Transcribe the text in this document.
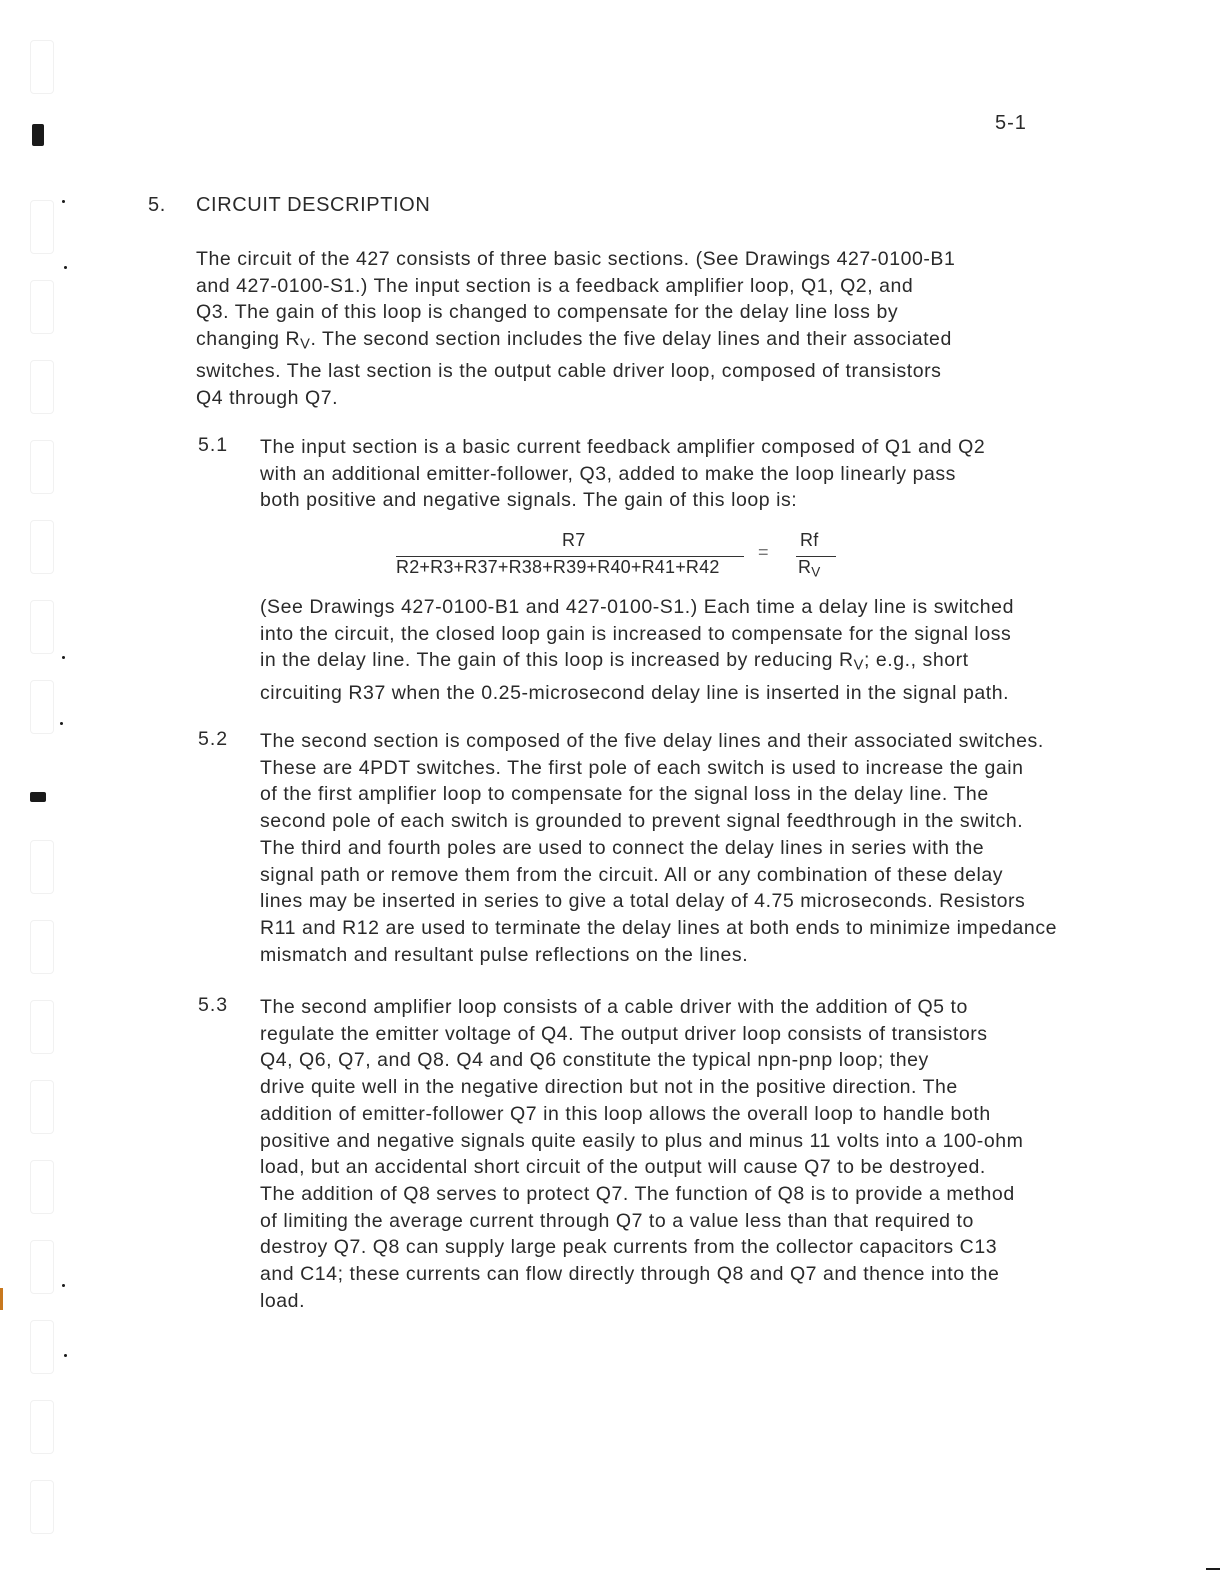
5-1
5. CIRCUIT DESCRIPTION
The circuit of the 427 consists of three basic sections. (See Drawings 427-0100-B1
and 427-0100-S1.) The input section is a feedback amplifier loop, Q1, Q2, and
Q3. The gain of this loop is changed to compensate for the delay line loss by
changing $R_V$. The second section includes the five delay lines and their associated
switches. The last section is the output cable driver loop, composed of transistors
Q4 through Q7.
5.1 The input section is a basic current feedback amplifier composed of Q1 and Q2
with an additional emitter-follower, Q3, added to make the loop linearly pass
both positive and negative signals. The gain of this loop is:
R7
R2+R3+R37+R38+R39+R40+R41+R42
=
Rf
$R_V$
(See Drawings 427-0100-B1 and 427-0100-S1.) Each time a delay line is switched
into the circuit, the closed loop gain is increased to compensate for the signal loss
in the delay line. The gain of this loop is increased by reducing $R_V$; e.g., short
circuiting R37 when the 0.25-microsecond delay line is inserted in the signal path.
5.2 The second section is composed of the five delay lines and their associated switches.
These are 4PDT switches. The first pole of each switch is used to increase the gain
of the first amplifier loop to compensate for the signal loss in the delay line. The
second pole of each switch is grounded to prevent signal feedthrough in the switch.
The third and fourth poles are used to connect the delay lines in series with the
signal path or remove them from the circuit. All or any combination of these delay
lines may be inserted in series to give a total delay of 4.75 microseconds. Resistors
R11 and R12 are used to terminate the delay lines at both ends to minimize impedance
mismatch and resultant pulse reflections on the lines.
5.3 The second amplifier loop consists of a cable driver with the addition of Q5 to
regulate the emitter voltage of Q4. The output driver loop consists of transistors
Q4, Q6, Q7, and Q8. Q4 and Q6 constitute the typical npn-pnp loop; they
drive quite well in the negative direction but not in the positive direction. The
addition of emitter-follower Q7 in this loop allows the overall loop to handle both
positive and negative signals quite easily to plus and minus 11 volts into a 100-ohm
load, but an accidental short circuit of the output will cause Q7 to be destroyed.
The addition of Q8 serves to protect Q7. The function of Q8 is to provide a method
of limiting the average current through Q7 to a value less than that required to
destroy Q7. Q8 can supply large peak currents from the collector capacitors C13
and C14; these currents can flow directly through Q8 and Q7 and thence into the
load.
